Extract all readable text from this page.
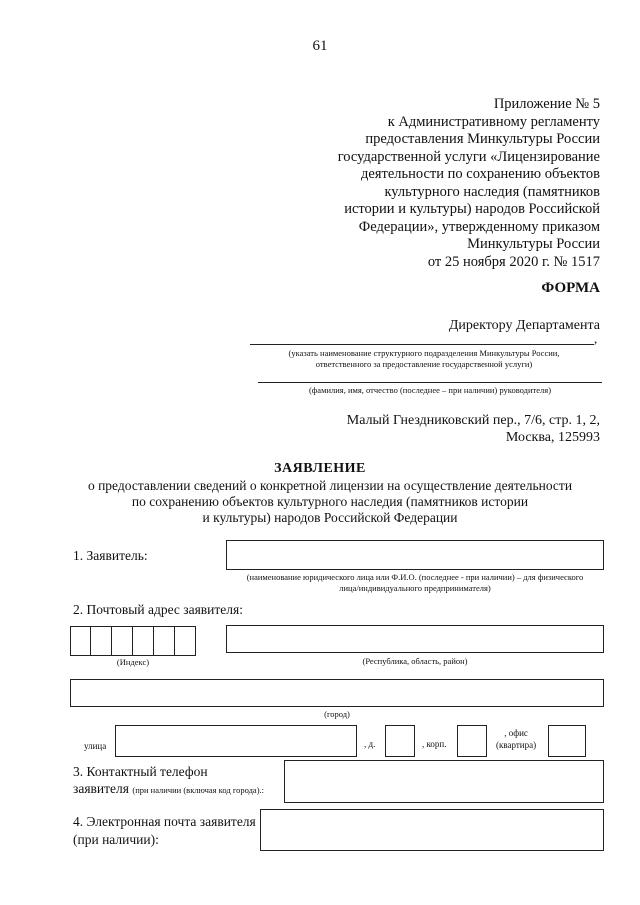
61
Приложение № 5
к Административному регламенту
предоставления Минкультуры России
государственной услуги «Лицензирование
деятельности по сохранению объектов
культурного наследия (памятников
истории и культуры) народов Российской
Федерации», утвержденному приказом
Минкультуры России
от 25 ноября 2020 г. № 1517
ФОРМА
Директору Департамента
,
(указать наименование структурного подразделения Минкультуры России,
ответственного за предоставление государственной услуги)
(фамилия, имя, отчество (последнее – при наличии) руководителя)
Малый Гнездниковский пер., 7/6, стр. 1, 2,
Москва, 125993
ЗАЯВЛЕНИЕ
о предоставлении сведений о конкретной лицензии на осуществление деятельности
по сохранению объектов культурного наследия (памятников истории
и культуры) народов Российской Федерации
1. Заявитель:
(наименование юридического лица или Ф.И.О. (последнее - при наличии) – для физического
лица/индивидуального предпринимателя)
2. Почтовый адрес заявителя:
(Индекс)	(Республика, область, район)
(город)
улица	, д.	, корп.
, офис
(квартира)
3. Контактный телефон
заявителя (при наличии (включая код города).:
4. Электронная почта заявителя
(при наличии):
